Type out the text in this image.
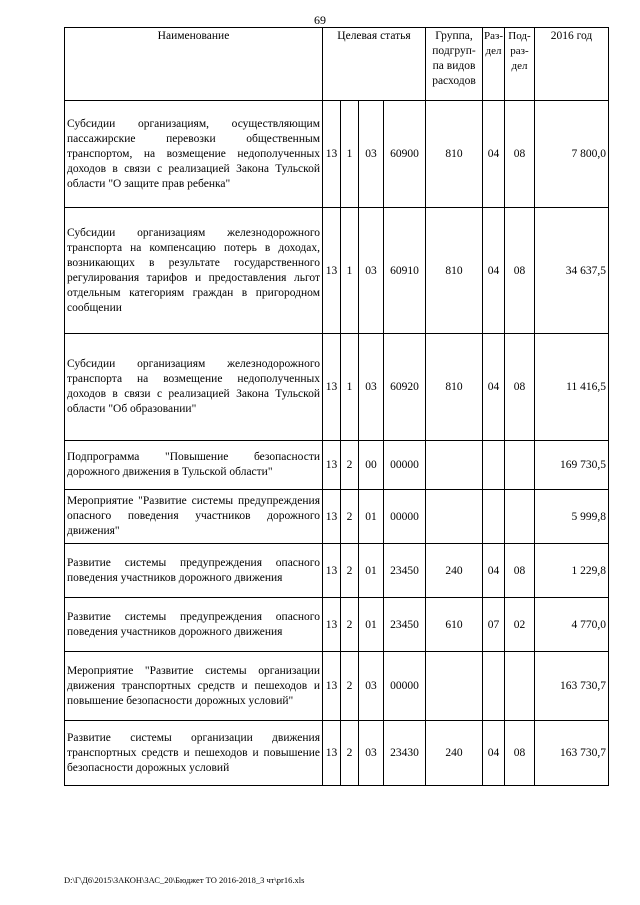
69
Наименование	Целевая статья				Группа, подгруп- па видов расходов	Раз- дел	Под- раз- дел	2016 год
Субсидии организациям, осуществляющим пассажирские перевозки общественным транспортом, на возмещение недополученных доходов в связи с реализацией Закона Тульской области "О защите прав ребенка"	13	1	03	60900	810	04	08	7 800,0
Субсидии организациям железнодорожного транспорта на компенсацию потерь в доходах, возникающих в результате государственного регулирования тарифов и предоставления льгот отдельным категориям граждан в пригородном сообщении	13	1	03	60910	810	04	08	34 637,5
Субсидии организациям железнодорожного транспорта на возмещение недополученных доходов в связи с реализацией Закона Тульской области "Об образовании"	13	1	03	60920	810	04	08	11 416,5
Подпрограмма "Повышение безопасности дорожного движения в Тульской области"	13	2	00	00000				169 730,5
Мероприятие "Развитие системы предупреждения опасного поведения участников дорожного движения"	13	2	01	00000				5 999,8
Развитие системы предупреждения опасного поведения участников дорожного движения	13	2	01	23450	240	04	08	1 229,8
Развитие системы предупреждения опасного поведения участников дорожного движения	13	2	01	23450	610	07	02	4 770,0
Мероприятие "Развитие системы организации движения транспортных средств и пешеходов и повышение безопасности дорожных условий"	13	2	03	00000				163 730,7
Развитие системы организации движения транспортных средств и пешеходов и повышение безопасности дорожных условий	13	2	03	23430	240	04	08	163 730,7
D:\Г\Д6\2015\ЗАКОН\ЗАС_20\Бюджет ТО 2016-2018_3 чт\pr16.xls
